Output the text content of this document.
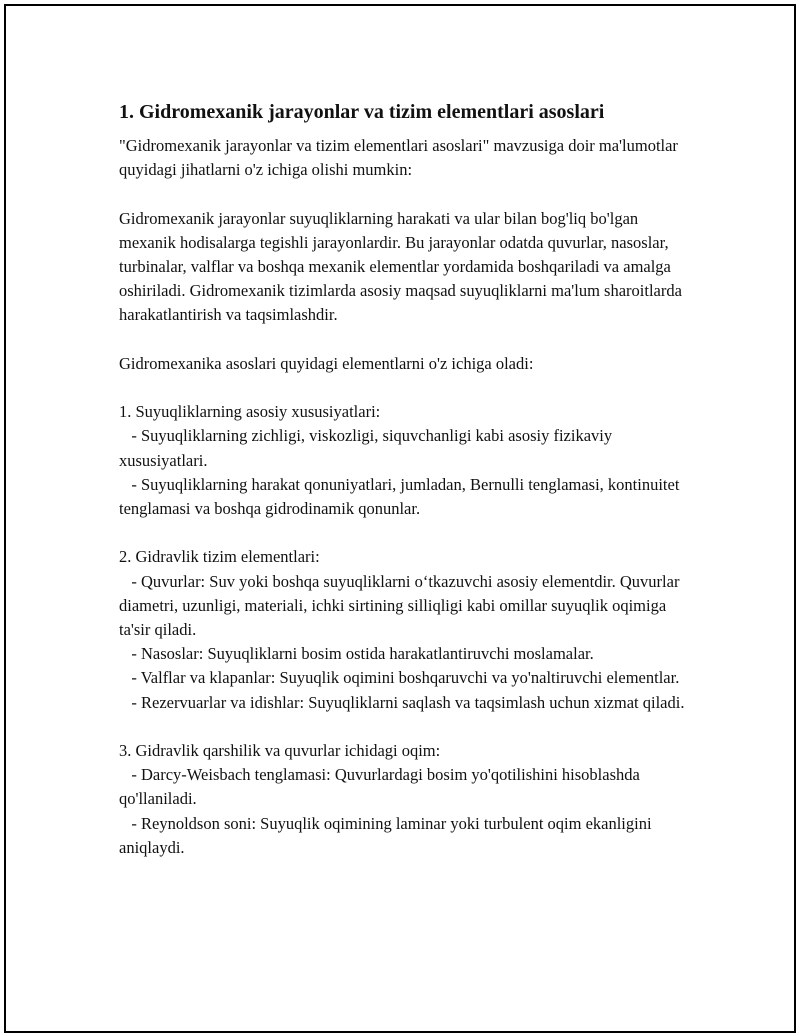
1. Gidromexanik jarayonlar va tizim elementlari asoslari

"Gidromexanik jarayonlar va tizim elementlari asoslari" mavzusiga doir ma'lumotlar quyidagi jihatlarni o'z ichiga olishi mumkin:

Gidromexanik jarayonlar suyuqliklarning harakati va ular bilan bog'liq bo'lgan mexanik hodisalarga tegishli jarayonlardir. Bu jarayonlar odatda quvurlar, nasoslar, turbinalar, valflar va boshqa mexanik elementlar yordamida boshqariladi va amalga oshiriladi. Gidromexanik tizimlarda asosiy maqsad suyuqliklarni ma'lum sharoitlarda harakatlantirish va taqsimlashdir.

Gidromexanika asoslari quyidagi elementlarni o'z ichiga oladi:

1. Suyuqliklarning asosiy xususiyatlari:

- Suyuqliklarning zichligi, viskozligi, siquvchanligi kabi asosiy fizikaviy xususiyatlari.

- Suyuqliklarning harakat qonuniyatlari, jumladan, Bernulli tenglamasi, kontinuitet tenglamasi va boshqa gidrodinamik qonunlar.

2. Gidravlik tizim elementlari:

- Quvurlar: Suv yoki boshqa suyuqliklarni o‘tkazuvchi asosiy elementdir. Quvurlar diametri, uzunligi, materiali, ichki sirtining silliqligi kabi omillar suyuqlik oqimiga ta'sir qiladi.

- Nasoslar: Suyuqliklarni bosim ostida harakatlantiruvchi moslamalar.

- Valflar va klapanlar: Suyuqlik oqimini boshqaruvchi va yo'naltiruvchi elementlar.

- Rezervuarlar va idishlar: Suyuqliklarni saqlash va taqsimlash uchun xizmat qiladi.

3. Gidravlik qarshilik va quvurlar ichidagi oqim:

- Darcy-Weisbach tenglamasi: Quvurlardagi bosim yo'qotilishini hisoblashda qo'llaniladi.

- Reynoldson soni: Suyuqlik oqimining laminar yoki turbulent oqim ekanligini aniqlaydi.
